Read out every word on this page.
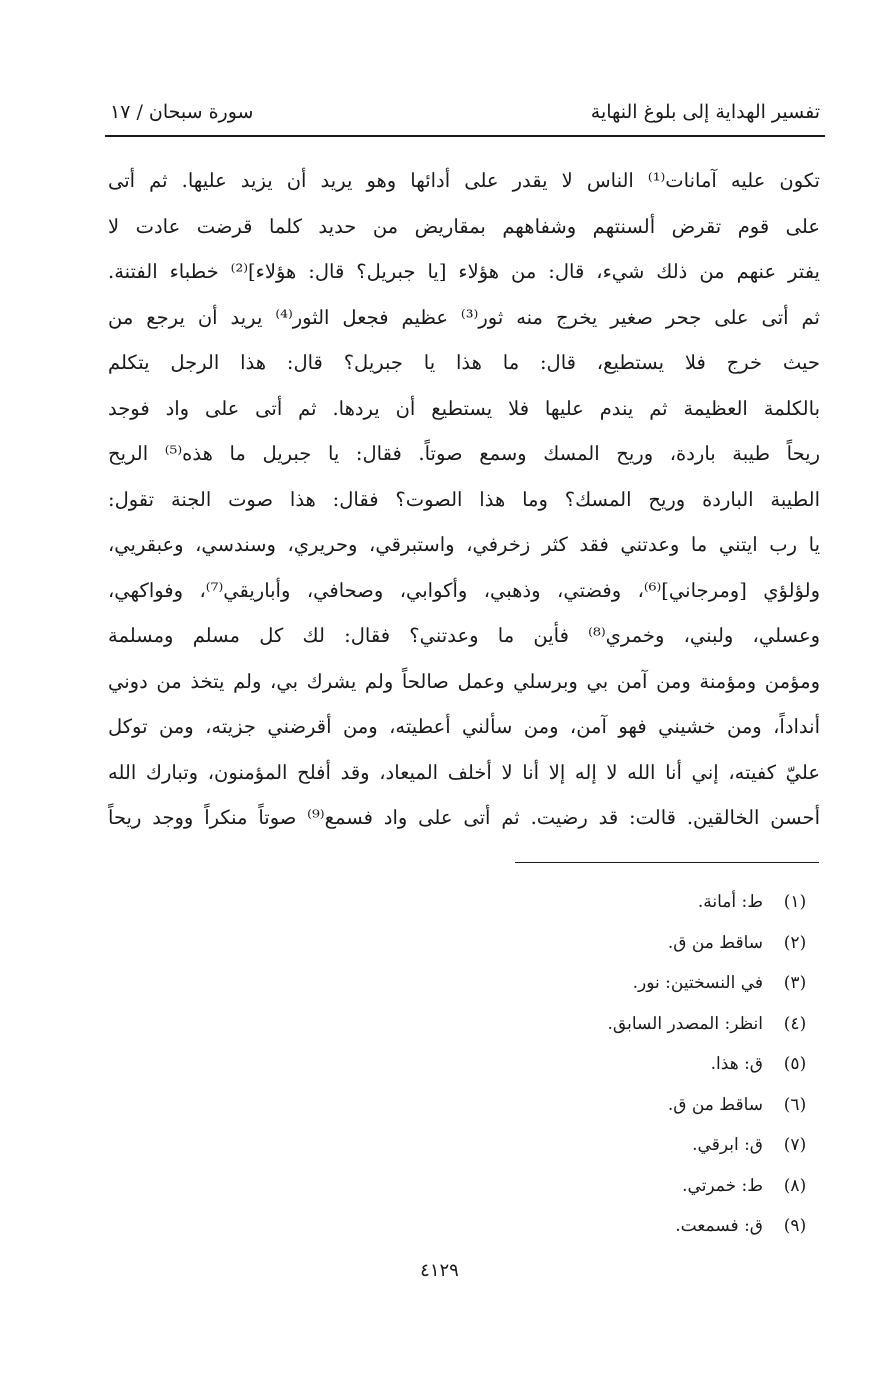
تفسير الهداية إلى بلوغ النهاية
سورة سبحان / ١٧
تكون عليه آمانات⁽¹⁾ الناس لا يقدر على أدائها وهو يريد أن يزيد عليها. ثم أتى
على قوم تقرض ألسنتهم وشفاههم بمقاريض من حديد كلما قرضت عادت لا
يفتر عنهم من ذلك شيء، قال: من هؤلاء [يا جبريل؟ قال: هؤلاء]⁽²⁾ خطباء الفتنة.
ثم أتى على جحر صغير يخرج منه ثور⁽³⁾ عظيم فجعل الثور⁽⁴⁾ يريد أن يرجع من
حيث خرج فلا يستطيع، قال: ما هذا يا جبريل؟ قال: هذا الرجل يتكلم
بالكلمة العظيمة ثم يندم عليها فلا يستطيع أن يردها. ثم أتى على واد فوجد
ريحاً طيبة باردة، وريح المسك وسمع صوتاً. فقال: يا جبريل ما هذه⁽⁵⁾ الريح
الطيبة الباردة وريح المسك؟ وما هذا الصوت؟ فقال: هذا صوت الجنة تقول:
يا رب ايتني ما وعدتني فقد كثر زخرفي، واستبرقي، وحريري، وسندسي، وعبقريي،
ولؤلؤي [ومرجاني]⁽⁶⁾، وفضتي، وذهبي، وأكوابي، وصحافي، وأباريقي⁽⁷⁾، وفواكهي،
وعسلي، ولبني، وخمري⁽⁸⁾ فأين ما وعدتني؟ فقال: لك كل مسلم ومسلمة
ومؤمن ومؤمنة ومن آمن بي وبرسلي وعمل صالحاً ولم يشرك بي، ولم يتخذ من دوني
أنداداً، ومن خشيني فهو آمن، ومن سألني أعطيته، ومن أقرضني جزيته، ومن توكل
عليّ كفيته، إني أنا الله لا إله إلا أنا لا أخلف الميعاد، وقد أفلح المؤمنون، وتبارك الله
أحسن الخالقين. قالت: قد رضيت. ثم أتى على واد فسمع⁽⁹⁾ صوتاً منكراً ووجد ريحاً
(١)
ط: أمانة.
(٢)
ساقط من ق.
(٣)
في النسختين: نور.
(٤)
انظر: المصدر السابق.
(٥)
ق: هذا.
(٦)
ساقط من ق.
(٧)
ق: ابرقي.
(٨)
ط: خمرتي.
(٩)
ق: فسمعت.
٤١٢٩
